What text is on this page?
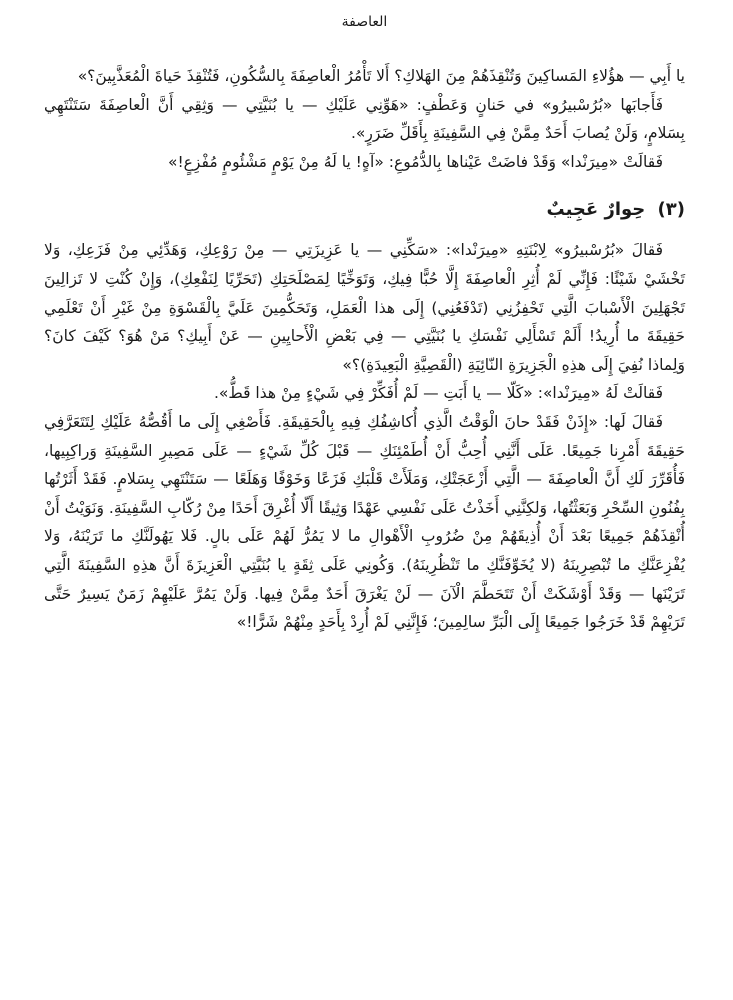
العاصفة

يا أَبِي — هؤُلاءِ المَساكِينَ وَتُنْقِذَهُمْ مِنَ الهَلاكِ؟ أَلا تَأْمُرُ الْعاصِفَةَ بِالسُّكُونِ، فَتُنْقِذَ حَياةَ الْمُعَذَّبِينَ؟»

فَأَجابَها «بُرُسْبيرُو» في حَنانٍ وَعَطْفٍ: «هَوِّنِي عَلَيْكِ — يا بُنَيَّتِي — وَثِقِي أَنَّ الْعاصِفَةَ سَتَنْتَهِي بِسَلامٍ، وَلَنْ يُصابَ أَحَدٌ مِمَّنْ فِي السَّفِينَةِ بِأَقَلِّ ضَرَرٍ».

فَقالَتْ «مِيرَنْدا» وَقَدْ فاضَتْ عَيْناها بِالدُّمُوعِ: «آهٍ! يا لَهُ مِنْ يَوْمٍ مَشْئُومٍ مُفْزِعٍ!»

(٣) حِوارٌ عَجِيبٌ

فَقالَ «بُرُسْبيرُو» لِابْنَتِهِ «مِيرَنْدا»: «سَكِّنِي — يا عَزِيزَتِي — مِنْ رَوْعِكِ، وَهَدِّئِي مِنْ فَزَعِكِ، وَلا تَخْشَيْ شَيْئًا: فَإِنِّي لَمْ أُثِرِ الْعاصِفَةَ إِلَّا حُبًّا فِيكِ، وَتَوَخِّيًا لِمَصْلَحَتِكِ (تَحَرِّيًا لِنَفْعِكِ)، وَإِنْ كُنْتِ لا تَزالِينَ تَجْهَلِينَ الْأَسْبابَ الَّتِي تَحْفِزُنِي (تَدْفَعُنِي) إِلَى هذا الْعَمَلِ، وَتَحَكُّمِينَ عَلَيَّ بِالْقَسْوَةِ مِنْ غَيْرِ أَنْ تَعْلَمِي حَقِيقَةَ ما أُرِيدُ! أَلَمْ تَسْأَلِي نَفْسَكِ يا بُنَيَّتِي — فِي بَعْضِ الْأَحايِينِ — عَنْ أَبِيكِ؟ مَنْ هُوَ؟ كَيْفَ كانَ؟ وَلِماذا نُفِيَ إِلَى هذِهِ الْجَزِيرَةِ النّائِيَةِ (الْقَصِيَّةِ الْبَعِيدَةِ)؟»

فَقالَتْ لَهُ «مِيرَنْدا»: «كَلّا — يا أَبَتِ — لَمْ أُفَكِّرْ فِي شَيْءٍ مِنْ هذا قَطُّ».

فَقالَ لَها: «إِذَنْ فَقَدْ حانَ الْوَقْتُ الَّذِي أُكاشِفُكِ فِيهِ بِالْحَقِيقَةِ. فَأَصْغِي إِلَى ما أَقُصُّهُ عَلَيْكِ لِتَتَعَرَّفِي حَقِيقَةَ أَمْرِنا جَمِيعًا. عَلَى أَنَّنِي أُحِبُّ أَنْ أُطَمْئِنَكِ — قَبْلَ كُلِّ شَيْءٍ — عَلَى مَصِيرِ السَّفِينَةِ وَراكِبِيها، فَأُقَرِّرَ لَكِ أَنَّ الْعاصِفَةَ — الَّتِي أَزْعَجَتْكِ، وَمَلَأَتْ قَلْبَكِ فَزَعًا وَخَوْفًا وَهَلَعًا — سَتَنْتَهِي بِسَلامٍ. فَقَدْ أَثَرْتُها بِفُنُونِ السِّحْرِ وَبَعَثْتُها، وَلكِنَّنِي أَخَذْتُ عَلَى نَفْسِي عَهْدًا وَثِيقًا أَلّا أُغْرِقَ أَحَدًا مِنْ رُكّابِ السَّفِينَةِ. وَنَوَيْتُ أَنْ أُنْقِذَهُمْ جَمِيعًا بَعْدَ أَنْ أُذِيقَهُمْ مِنْ ضُرُوبِ الْأَهْوالِ ما لا يَمُرُّ لَهُمْ عَلَى بالٍ. فَلا يَهُولَنَّكِ ما تَرَيْنَهُ، وَلا يُفْزِعَنَّكِ ما تُبْصِرِينَهُ (لا يُخَوِّفَنَّكِ ما تَنْظُرِينَهُ). وَكُونِي عَلَى ثِقَةٍ يا بُنَيَّتِي الْعَزِيزَةَ أَنَّ هذِهِ السَّفِينَةَ الَّتِي تَرَيْنَها — وَقَدْ أَوْشَكَتْ أَنْ تَتَحَطَّمَ الْآنَ — لَنْ يَغْرَقَ أَحَدٌ مِمَّنْ فِيها. وَلَنْ يَمُرَّ عَلَيْهِمْ زَمَنٌ يَسِيرٌ حَتَّى تَرَيْهِمْ قَدْ خَرَجُوا جَمِيعًا إِلَى الْبَرِّ سالِمِينَ؛ فَإِنَّنِي لَمْ أُرِدْ بِأَحَدٍ مِنْهُمْ شَرًّا!»
